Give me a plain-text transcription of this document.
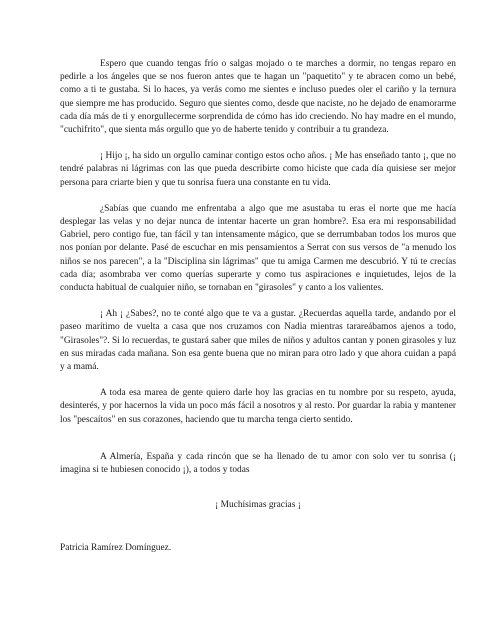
Espero que cuando tengas frío o salgas mojado o te marches a dormir, no tengas reparo en pedirle a los ángeles que se nos fueron antes que te hagan un "paquetito" y te abracen como un bebé, como a ti te gustaba. Si lo haces, ya verás como me sientes e incluso puedes oler el cariño y la ternura que siempre me has producido. Seguro que sientes como, desde que naciste, no he dejado de enamorarme cada día más de ti y enorgullecerme sorprendida de cómo has ido creciendo. No hay madre en el mundo, "cuchifrito", que sienta más orgullo que yo de haberte tenido y contribuir a tu grandeza.

¡ Hijo ¡, ha sido un orgullo caminar contigo estos ocho años. ¡ Me has enseñado tanto ¡, que no tendré palabras ni lágrimas con las que pueda describirte como hiciste que cada día quisiese ser mejor persona para criarte bien y que tu sonrisa fuera una constante en tu vida.

¿Sabías que cuando me enfrentaba a algo que me asustaba tu eras el norte que me hacía desplegar las velas y no dejar nunca de intentar hacerte un gran hombre?. Esa era mi responsabilidad Gabriel, pero contigo fue, tan fácil y tan intensamente mágico, que se derrumbaban todos los muros que nos ponían por delante. Pasé de escuchar en mis pensamientos a Serrat con sus versos de "a menudo los niños se nos parecen", a la "Disciplina sin lágrimas" que tu amiga Carmen me descubrió. Y tú te crecías cada día; asombraba ver como querías superarte y como tus aspiraciones e inquietudes, lejos de la conducta habitual de cualquier niño, se tornaban en "girasoles" y canto a los valientes.

¡ Ah ¡ ¿Sabes?, no te conté algo que te va a gustar. ¿Recuerdas aquella tarde, andando por el paseo marítimo de vuelta a casa que nos cruzamos con Nadia mientras tarareábamos ajenos a todo, "Girasoles"?. Si lo recuerdas, te gustará saber que miles de niños y adultos cantan y ponen girasoles y luz en sus miradas cada mañana. Son esa gente buena que no miran para otro lado y que ahora cuidan a papá y a mamá.

A toda esa marea de gente quiero darle hoy las gracias en tu nombre por su respeto, ayuda, desinterés, y por hacernos la vida un poco más fácil a nosotros y al resto. Por guardar la rabia y mantener los "pescaítos" en sus corazones, haciendo que tu marcha tenga cierto sentido.

A Almería, España y cada rincón que se ha llenado de tu amor con solo ver tu sonrisa (¡ imagina si te hubiesen conocido ¡), a todos y todas

¡ Muchísimas gracias ¡

Patricia Ramírez Domínguez.
